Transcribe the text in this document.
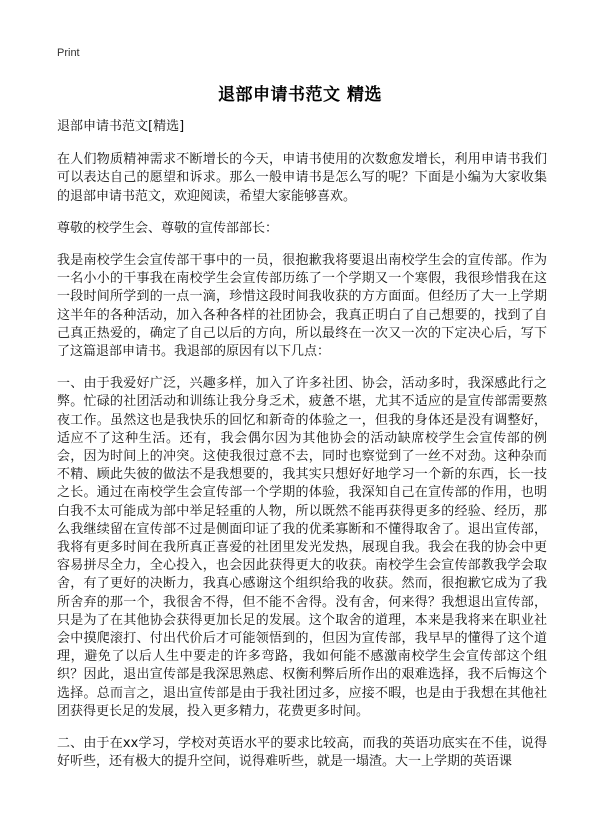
Print
退部申请书范文 精选

退部申请书范文[精选]

在人们物质精神需求不断增长的今天，申请书使用的次数愈发增长，利用申请书我们可以表达自己的愿望和诉求。那么一般申请书是怎么写的呢？下面是小编为大家收集的退部申请书范文，欢迎阅读，希望大家能够喜欢。

尊敬的校学生会、尊敬的宣传部部长：

我是南校学生会宣传部干事中的一员，很抱歉我将要退出南校学生会的宣传部。作为一名小小的干事我在南校学生会宣传部历练了一个学期又一个寒假，我很珍惜我在这一段时间所学到的一点一滴，珍惜这段时间我收获的方方面面。但经历了大一上学期这半年的各种活动，加入各种各样的社团协会，我真正明白了自己想要的，找到了自己真正热爱的，确定了自己以后的方向，所以最终在一次又一次的下定决心后，写下了这篇退部申请书。我退部的原因有以下几点：

一、由于我爱好广泛，兴趣多样，加入了许多社团、协会，活动多时，我深感此行之弊。忙碌的社团活动和训练让我分身乏术，疲惫不堪，尤其不适应的是宣传部需要熬夜工作。虽然这也是我快乐的回忆和新奇的体验之一，但我的身体还是没有调整好，适应不了这种生活。还有，我会偶尔因为其他协会的活动缺席校学生会宣传部的例会，因为时间上的冲突。这使我很过意不去，同时也察觉到了一丝不对劲。这种杂而不精、顾此失彼的做法不是我想要的，我其实只想好好地学习一个新的东西，长一技之长。通过在南校学生会宣传部一个学期的体验，我深知自己在宣传部的作用，也明白我不太可能成为部中举足轻重的人物，所以既然不能再获得更多的经验、经历，那么我继续留在宣传部不过是侧面印证了我的优柔寡断和不懂得取舍了。退出宣传部，我将有更多时间在我所真正喜爱的社团里发光发热，展现自我。我会在我的协会中更容易拼尽全力，全心投入，也会因此获得更大的收获。南校学生会宣传部教我学会取舍，有了更好的决断力，我真心感谢这个组织给我的收获。然而，很抱歉它成为了我所舍弃的那一个，我很舍不得，但不能不舍得。没有舍，何来得？我想退出宣传部，只是为了在其他协会获得更加长足的发展。这个取舍的道理，本来是我将来在职业社会中摸爬滚打、付出代价后才可能领悟到的，但因为宣传部，我早早的懂得了这个道理，避免了以后人生中要走的许多弯路，我如何能不感激南校学生会宣传部这个组织？因此，退出宣传部是我深思熟虑、权衡利弊后所作出的艰难选择，我不后悔这个选择。总而言之，退出宣传部是由于我社团过多，应接不暇，也是由于我想在其他社团获得更长足的发展，投入更多精力，花费更多时间。

二、由于在xx学习，学校对英语水平的要求比较高，而我的英语功底实在不佳，说得好听些，还有极大的提升空间，说得难听些，就是一塌渣。大一上学期的英语课
